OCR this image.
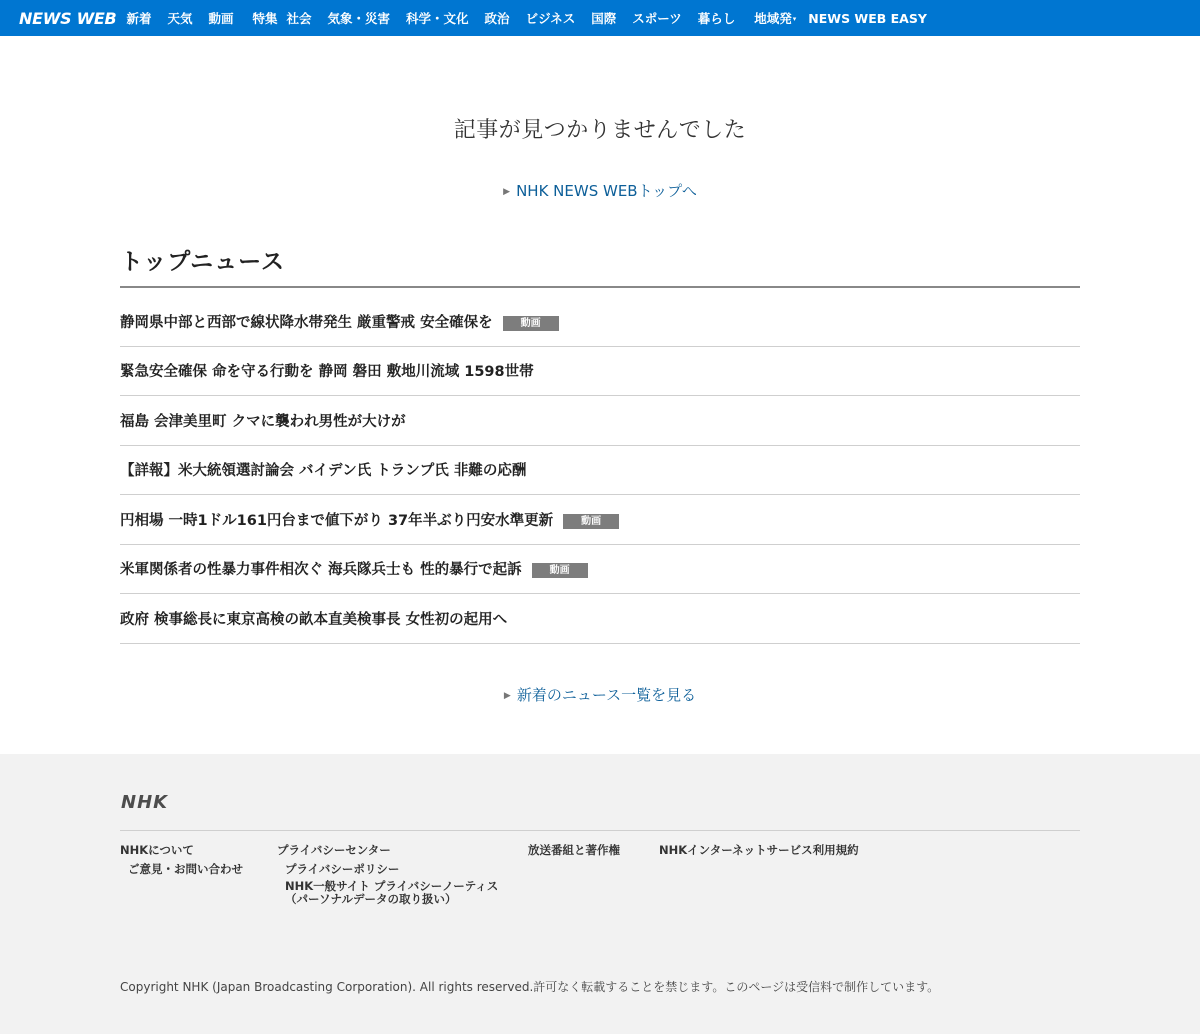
NEWS WEB 新着 天気 動画 特集 社会 気象・災害 科学・文化 政治 ビジネス 国際 スポーツ 暮らし 地域発▾ NEWS WEB EASY
記事が見つかりませんでした
▶ NHK NEWS WEBトップへ
トップニュース
静岡県中部と西部で線状降水帯発生 厳重警戒 安全確保を	動画
緊急安全確保 命を守る行動を 静岡 磐田 敷地川流域 1598世帯
福島 会津美里町 クマに襲われ男性が大けが
【詳報】米大統領選討論会 バイデン氏 トランプ氏 非難の応酬
円相場 一時1ドル161円台まで値下がり 37年半ぶり円安水準更新	動画
米軍関係者の性暴力事件相次ぐ 海兵隊兵士も 性的暴行で起訴	動画
政府 検事総長に東京高検の畝本直美検事長 女性初の起用へ
▶ 新着のニュース一覧を見る
NHK
NHKについて
ご意見・お問い合わせ
プライバシーセンター
プライバシーポリシー
NHK一般サイト プライバシーノーティス
（パーソナルデータの取り扱い）
放送番組と著作権	NHKインターネットサービス利用規約

Copyright NHK (Japan Broadcasting Corporation). All rights reserved.許可なく転載することを禁じます。このページは受信料で制作しています。
